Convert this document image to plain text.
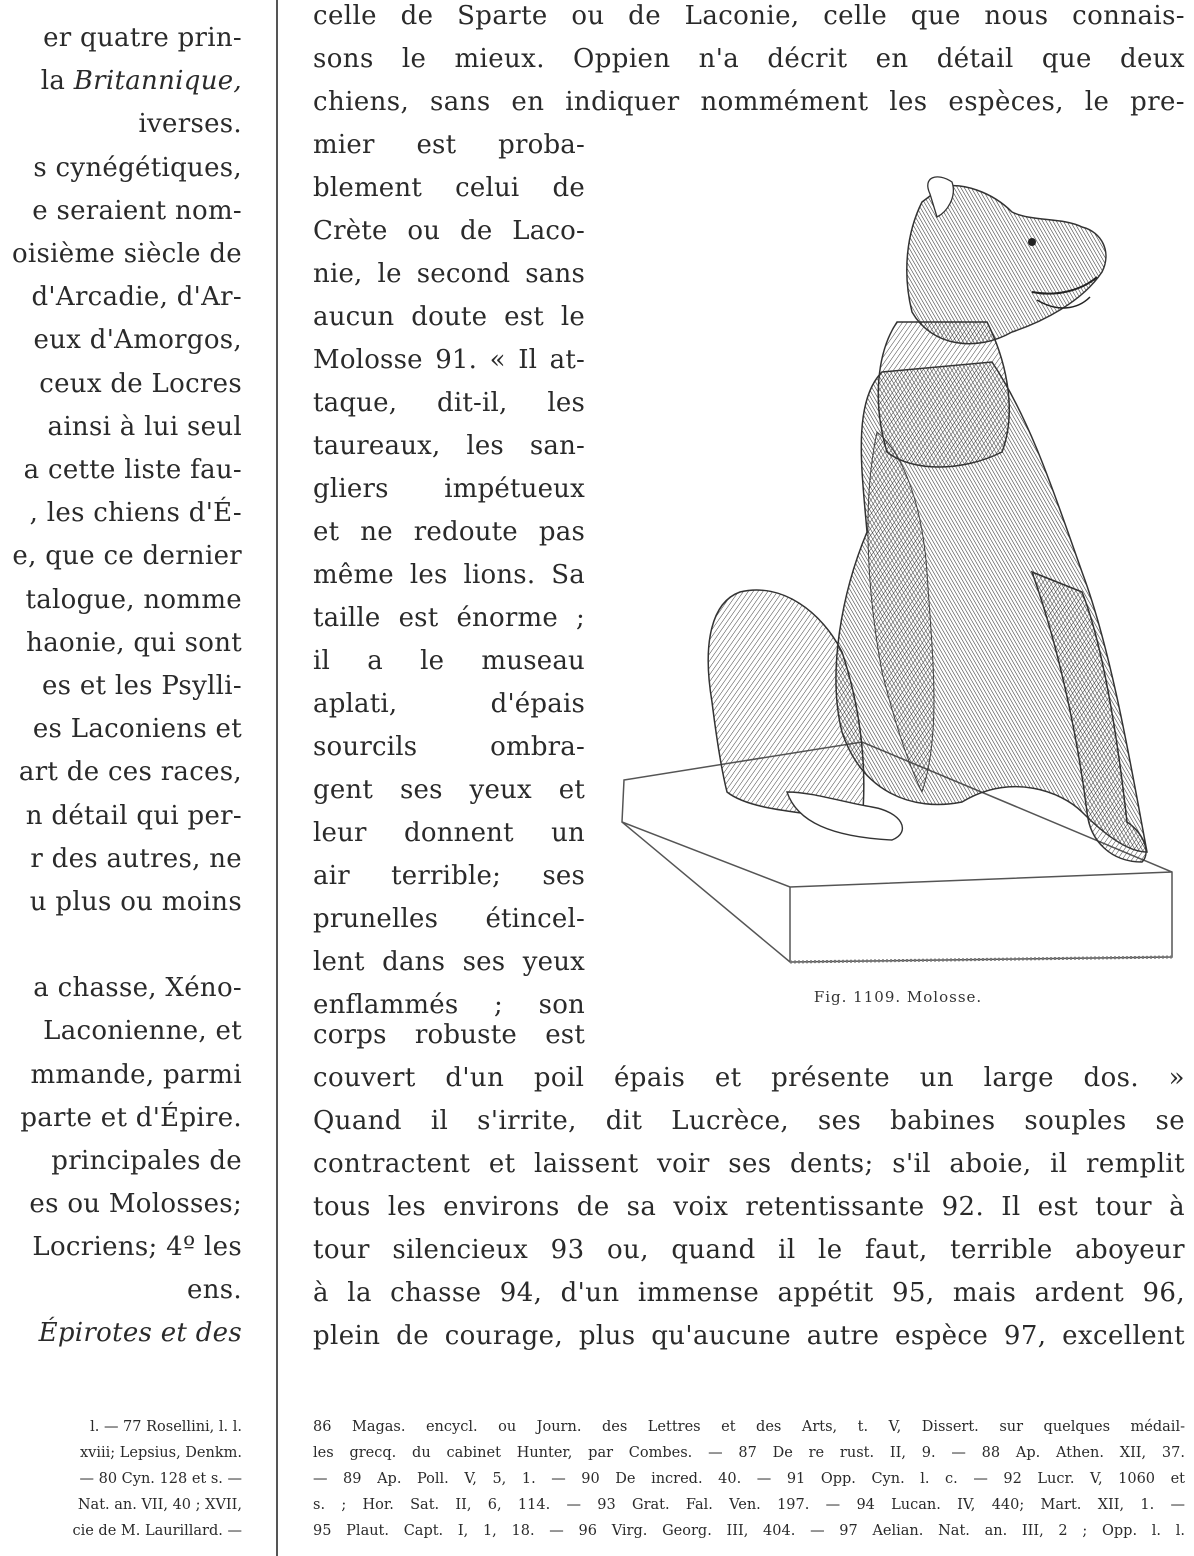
er quatre prin-
la Britannique,
iverses.
s cynégétiques,
e seraient nom-
oisième siècle de
d'Arcadie, d'Ar-
eux d'Amorgos,
ceux de Locres
ainsi à lui seul
a cette liste fau-
, les chiens d'É-
e, que ce dernier
talogue, nomme
haonie, qui sont
es et les Psylli-
es Laconiens et
art de ces races,
n détail qui per-
r des autres, ne
u plus ou moins
a chasse, Xéno-
Laconienne, et
mmande, parmi
parte et d'Épire.
principales de
es ou Molosses;
Locriens; 4º les
ens.
Épirotes et des
l. — 77 Rosellini, l. l.
xviii; Lepsius, Denkm.
— 80 Cyn. 128 et s. —
Nat. an. VII, 40 ; XVII,
cie de M. Laurillard. —
celle de Sparte ou de Laconie, celle que nous connais-
sons le mieux. Oppien n'a décrit en détail que deux
chiens, sans en indiquer nommément les espèces, le pre-
mier est proba-
blement celui de
Crète ou de Laco-
nie, le second sans
aucun doute est le
Molosse 91. « Il at-
taque, dit-il, les
taureaux, les san-
gliers impétueux
et ne redoute pas
même les lions. Sa
taille est énorme ;
il a le museau
aplati, d'épais
sourcils ombra-
gent ses yeux et
leur donnent un
air terrible; ses
prunelles étincel-
lent dans ses yeux
enflammés ; son
corps robuste est
Fig. 1109. Molosse.
couvert d'un poil épais et présente un large dos. »
Quand il s'irrite, dit Lucrèce, ses babines souples se
contractent et laissent voir ses dents; s'il aboie, il remplit
tous les environs de sa voix retentissante 92. Il est tour à
tour silencieux 93 ou, quand il le faut, terrible aboyeur
à la chasse 94, d'un immense appétit 95, mais ardent 96,
plein de courage, plus qu'aucune autre espèce 97, excellent
86 Magas. encycl. ou Journ. des Lettres et des Arts, t. V, Dissert. sur quelques médail-
les grecq. du cabinet Hunter, par Combes. — 87 De re rust. II, 9. — 88 Ap. Athen. XII, 37.
— 89 Ap. Poll. V, 5, 1. — 90 De incred. 40. — 91 Opp. Cyn. l. c. — 92 Lucr. V, 1060 et
s. ; Hor. Sat. II, 6, 114. — 93 Grat. Fal. Ven. 197. — 94 Lucan. IV, 440; Mart. XII, 1. —
95 Plaut. Capt. I, 1, 18. — 96 Virg. Georg. III, 404. — 97 Aelian. Nat. an. III, 2 ; Opp. l. l.
